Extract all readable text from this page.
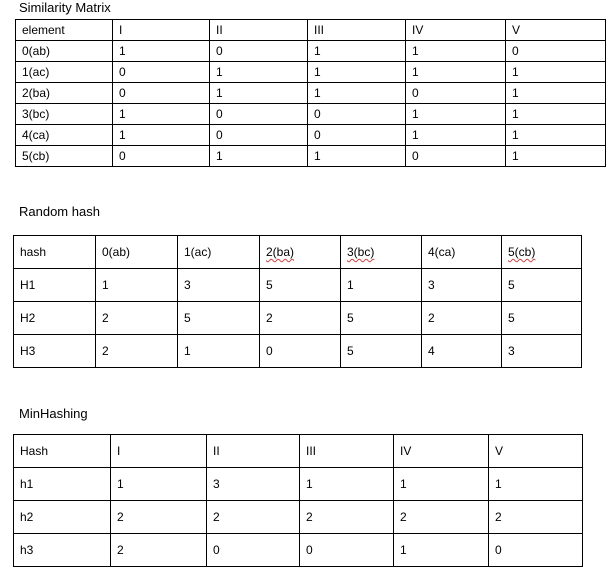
Similarity Matrix
element	I	II	III	IV	V
0(ab)	1	0	1	1	0
1(ac)	0	1	1	1	1
2(ba)	0	1	1	0	1
3(bc)	1	0	0	1	1
4(ca)	1	0	0	1	1
5(cb)	0	1	1	0	1
Random hash
hash	0(ab)	1(ac)	2(ba)	3(bc)	4(ca)	5(cb)
H1	1	3	5	1	3	5
H2	2	5	2	5	2	5
H3	2	1	0	5	4	3
MinHashing
Hash	I	II	III	IV	V
h1	1	3	1	1	1
h2	2	2	2	2	2
h3	2	0	0	1	0
